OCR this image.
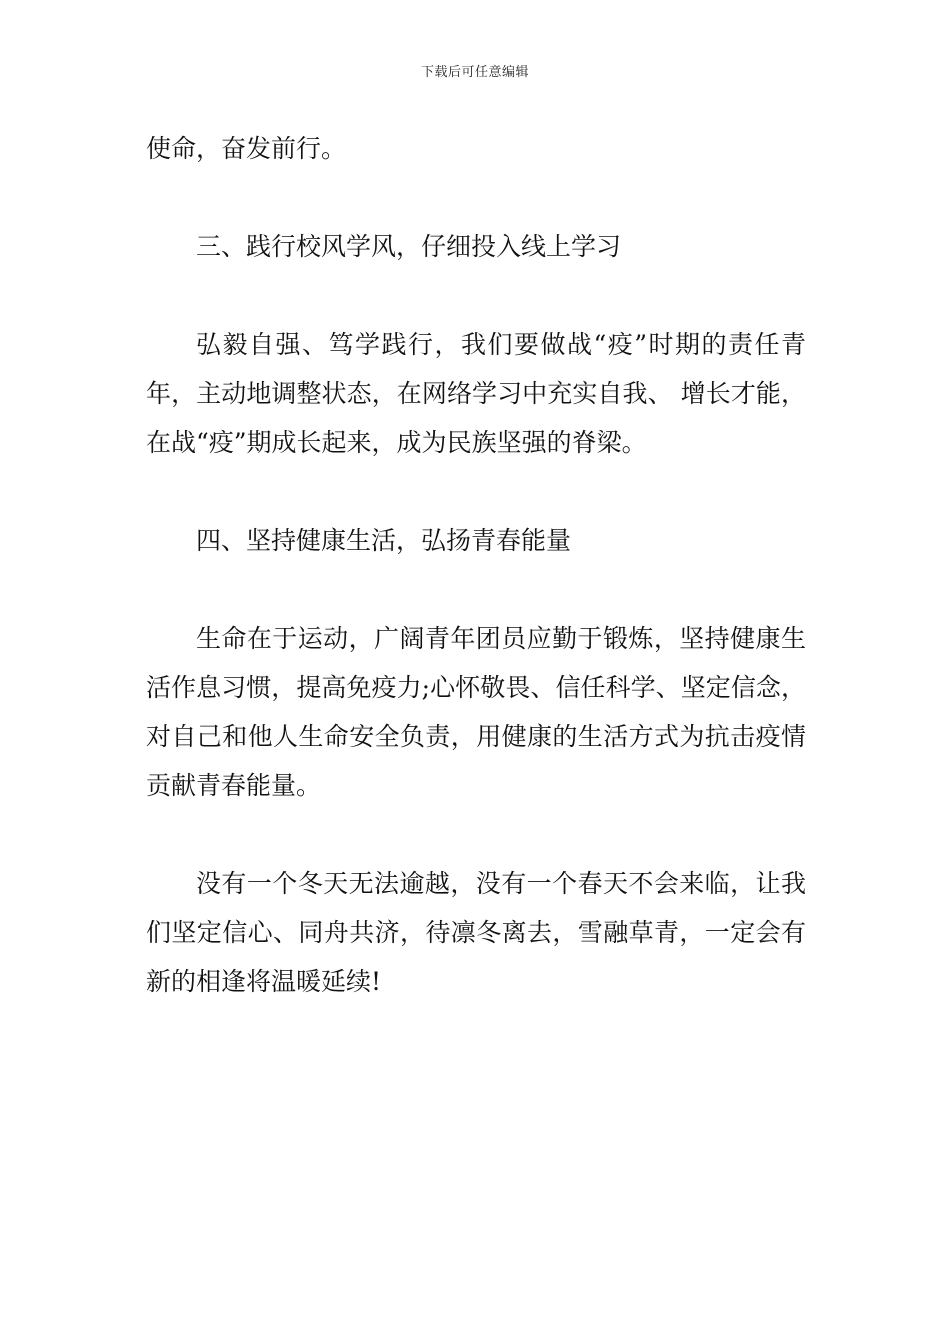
下载后可任意编辑

使命，奋发前行。

三、践行校风学风，仔细投入线上学习

弘毅自强、笃学践行，我们要做战“疫”时期的责任青年，主动地调整状态，在网络学习中充实自我、 增长才能，在战“疫”期成长起来，成为民族坚强的脊梁。

四、坚持健康生活，弘扬青春能量

生命在于运动，广阔青年团员应勤于锻炼，坚持健康生活作息习惯，提高免疫力;心怀敬畏、信任科学、坚定信念，对自己和他人生命安全负责，用健康的生活方式为抗击疫情贡献青春能量。

没有一个冬天无法逾越，没有一个春天不会来临，让我们坚定信心、同舟共济，待凛冬离去，雪融草青，一定会有新的相逢将温暖延续!
